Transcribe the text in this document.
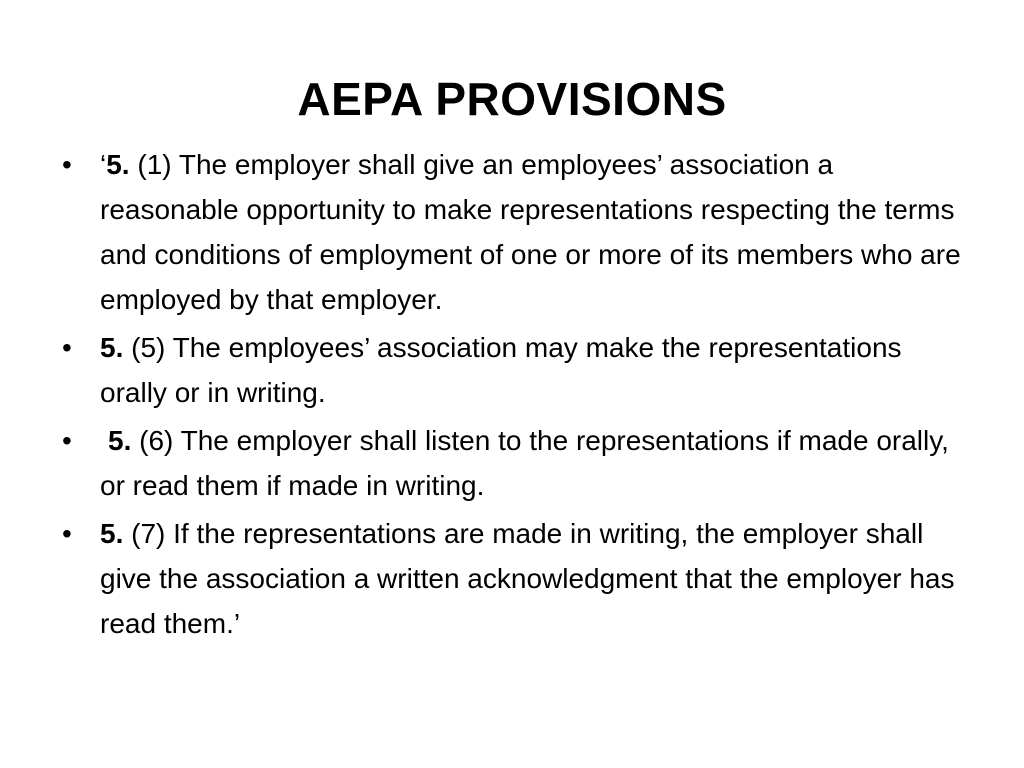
AEPA PROVISIONS
• ‘5. (1) The employer shall give an employees’ association a reasonable opportunity to make representations respecting the terms and conditions of employment of one or more of its members who are employed by that employer.
• 5. (5) The employees’ association may make the representations orally or in writing.
• 5. (6) The employer shall listen to the representations if made orally, or read them if made in writing.
• 5. (7) If the representations are made in writing, the employer shall give the association a written acknowledgment that the employer has read them.’
